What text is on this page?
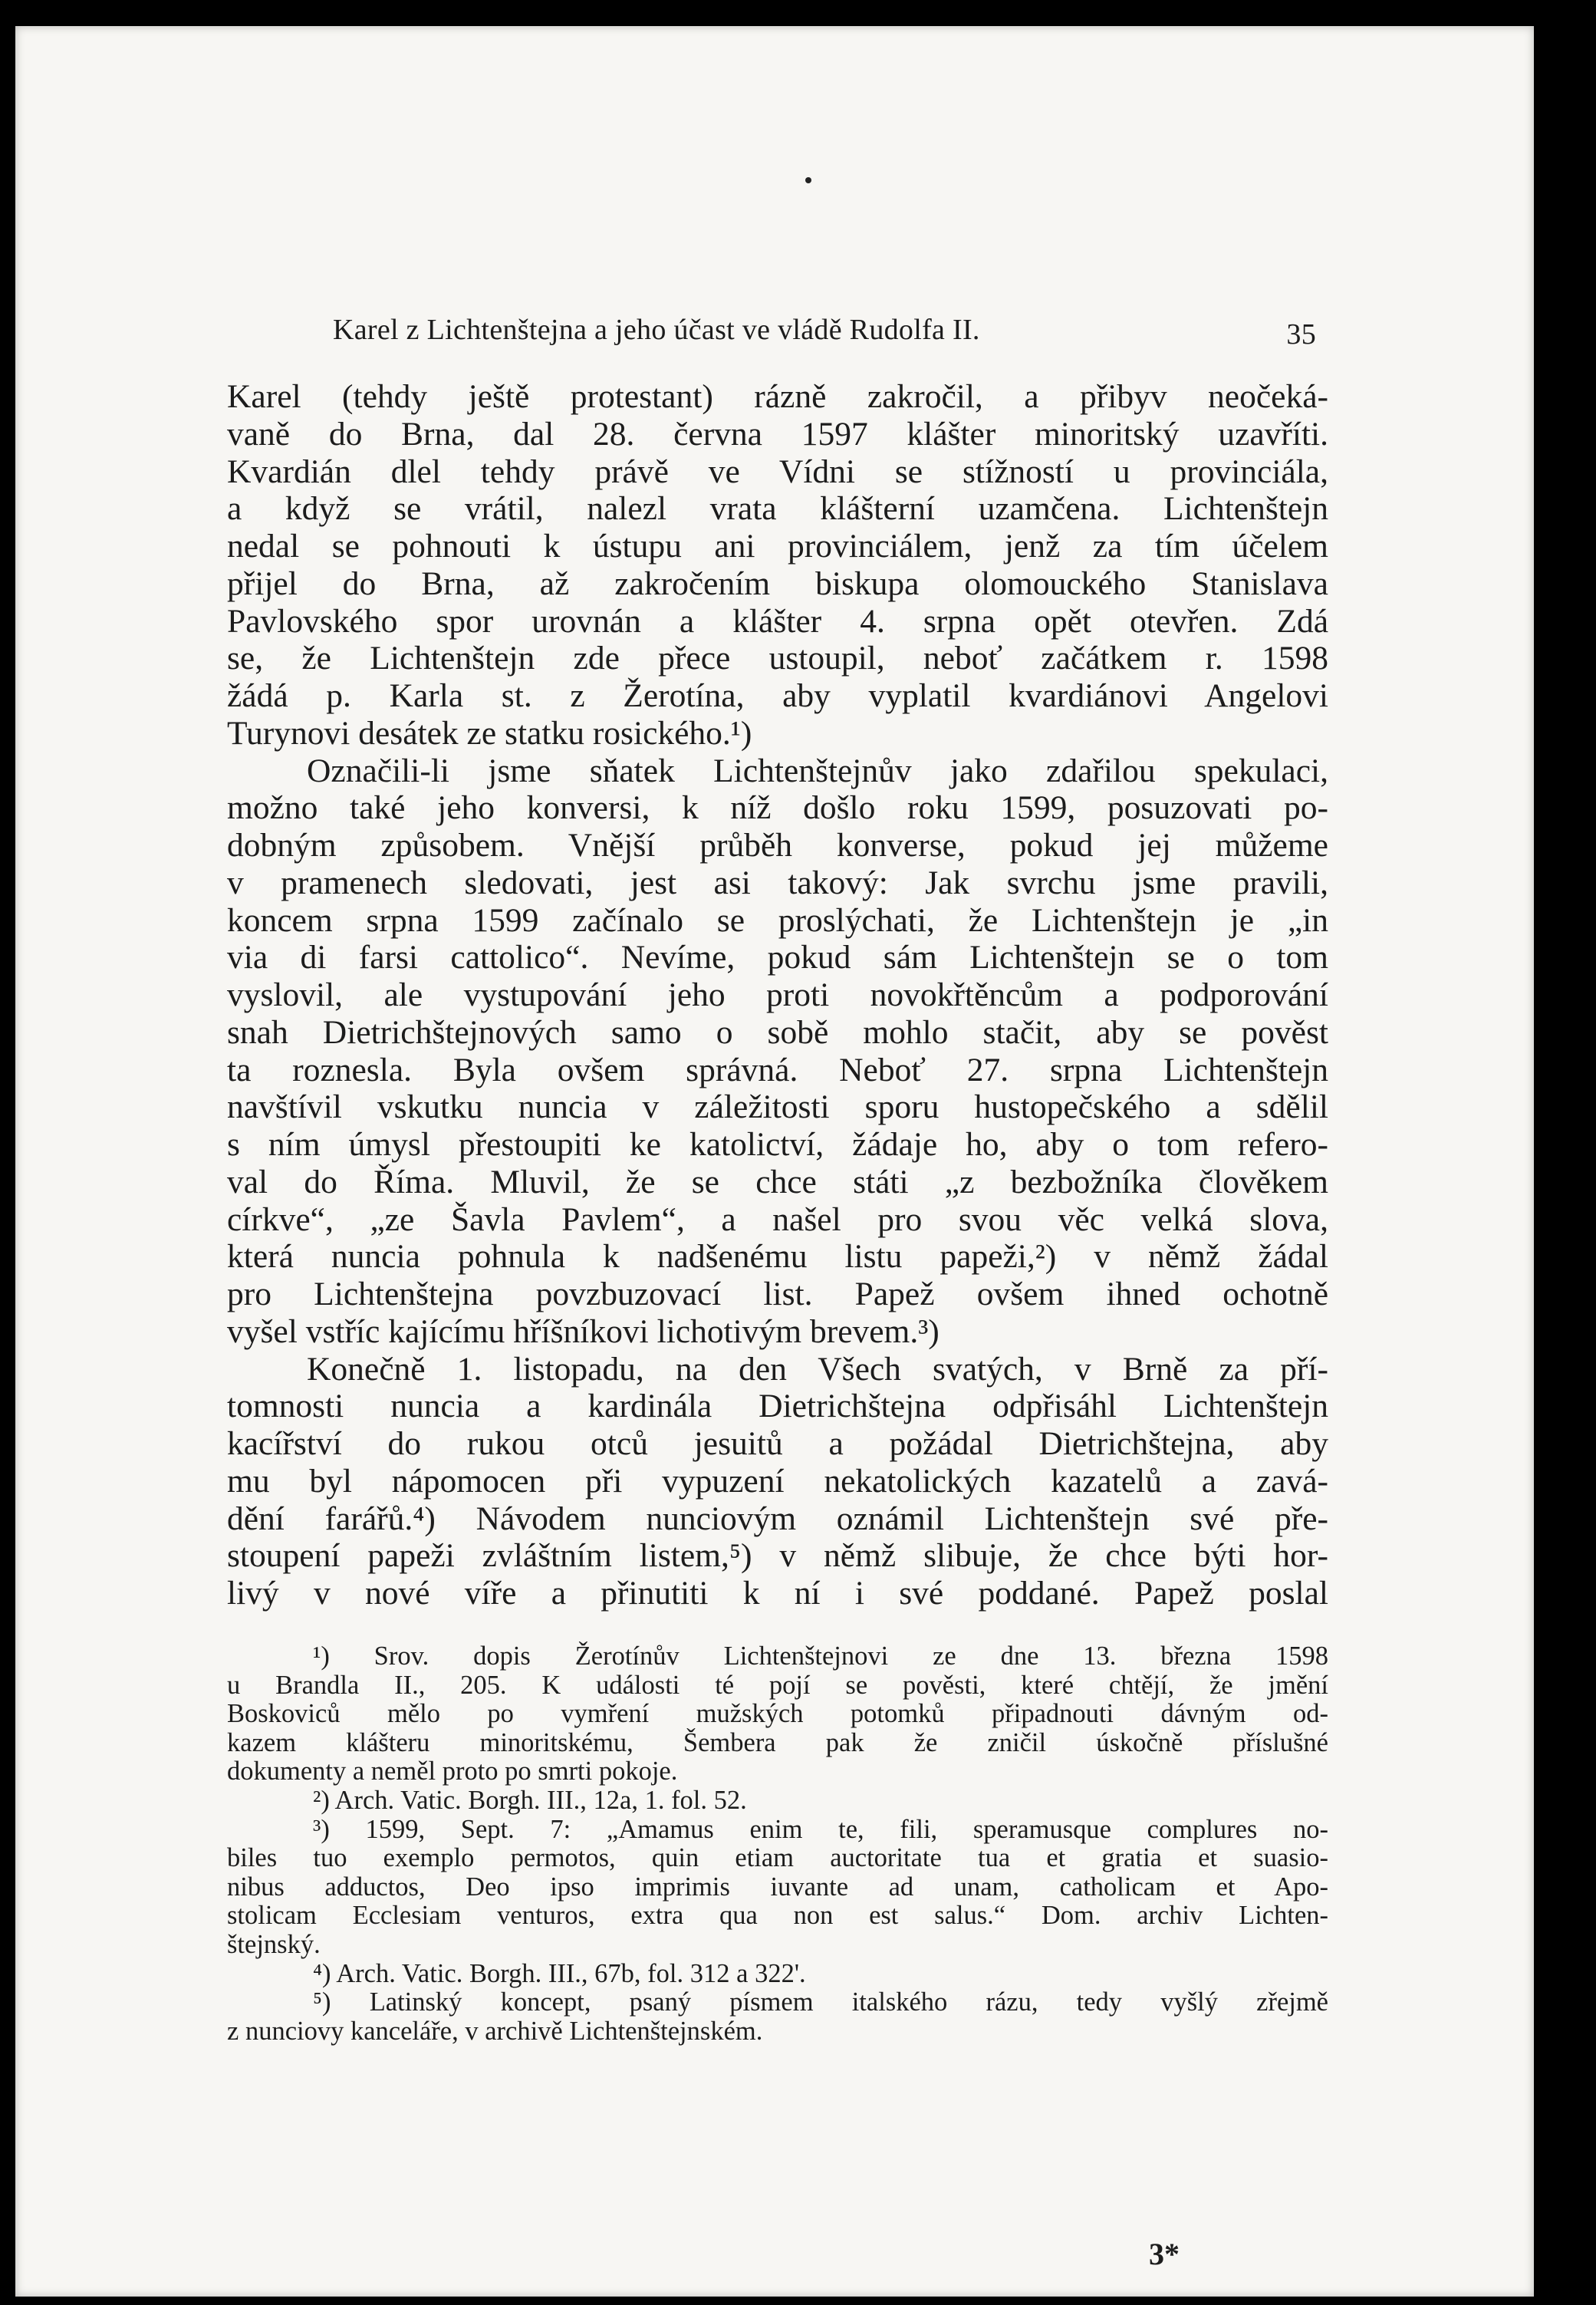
Karel z Lichtenštejna a jeho účast ve vládě Rudolfa II.	35
Karel (tehdy ještě protestant) rázně zakročil, a přibyv neočeká-
vaně do Brna, dal 28. června 1597 klášter minoritský uzavříti.
Kvardián dlel tehdy právě ve Vídni se stížností u provinciála,
a když se vrátil, nalezl vrata klášterní uzamčena. Lichtenštejn
nedal se pohnouti k ústupu ani provinciálem, jenž za tím účelem
přijel do Brna, až zakročením biskupa olomouckého Stanislava
Pavlovského spor urovnán a klášter 4. srpna opět otevřen. Zdá
se, že Lichtenštejn zde přece ustoupil, neboť začátkem r. 1598
žádá p. Karla st. z Žerotína, aby vyplatil kvardiánovi Angelovi
Turynovi desátek ze statku rosického.¹)
Označili-li jsme sňatek Lichtenštejnův jako zdařilou spekulaci,
možno také jeho konversi, k níž došlo roku 1599, posuzovati po-
dobným způsobem. Vnější průběh konverse, pokud jej můžeme
v pramenech sledovati, jest asi takový: Jak svrchu jsme pravili,
koncem srpna 1599 začínalo se proslýchati, že Lichtenštejn je „in
via di farsi cattolico“. Nevíme, pokud sám Lichtenštejn se o tom
vyslovil, ale vystupování jeho proti novokřtěncům a podporování
snah Dietrichštejnových samo o sobě mohlo stačit, aby se pověst
ta roznesla. Byla ovšem správná. Neboť 27. srpna Lichtenštejn
navštívil vskutku nuncia v záležitosti sporu hustopečského a sdělil
s ním úmysl přestoupiti ke katolictví, žádaje ho, aby o tom refero-
val do Říma. Mluvil, že se chce státi „z bezbožníka člověkem
církve“, „ze Šavla Pavlem“, a našel pro svou věc velká slova,
která nuncia pohnula k nadšenému listu papeži,²) v němž žádal
pro Lichtenštejna povzbuzovací list. Papež ovšem ihned ochotně
vyšel vstříc kajícímu hříšníkovi lichotivým brevem.³)
Konečně 1. listopadu, na den Všech svatých, v Brně za pří-
tomnosti nuncia a kardinála Dietrichštejna odpřisáhl Lichtenštejn
kacířství do rukou otců jesuitů a požádal Dietrichštejna, aby
mu byl nápomocen při vypuzení nekatolických kazatelů a zavá-
dění farářů.⁴) Návodem nunciovým oznámil Lichtenštejn své pře-
stoupení papeži zvláštním listem,⁵) v němž slibuje, že chce býti hor-
livý v nové víře a přinutiti k ní i své poddané. Papež poslal
¹) Srov. dopis Žerotínův Lichtenštejnovi ze dne 13. března 1598
u Brandla II., 205. K události té pojí se pověsti, které chtějí, že jmění
Boskoviců mělo po vymření mužských potomků připadnouti dávným od-
kazem klášteru minoritskému, Šembera pak že zničil úskočně příslušné
dokumenty a neměl proto po smrti pokoje.
²) Arch. Vatic. Borgh. III., 12a, 1. fol. 52.
³) 1599, Sept. 7: „Amamus enim te, fili, speramusque complures no-
biles tuo exemplo permotos, quin etiam auctoritate tua et gratia et suasio-
nibus adductos, Deo ipso imprimis iuvante ad unam, catholicam et Apo-
stolicam Ecclesiam venturos, extra qua non est salus.“ Dom. archiv Lichten-
štejnský.
⁴) Arch. Vatic. Borgh. III., 67b, fol. 312 a 322'.
⁵) Latinský koncept, psaný písmem italského rázu, tedy vyšlý zřejmě
z nunciovy kanceláře, v archivě Lichtenštejnském.
3*
